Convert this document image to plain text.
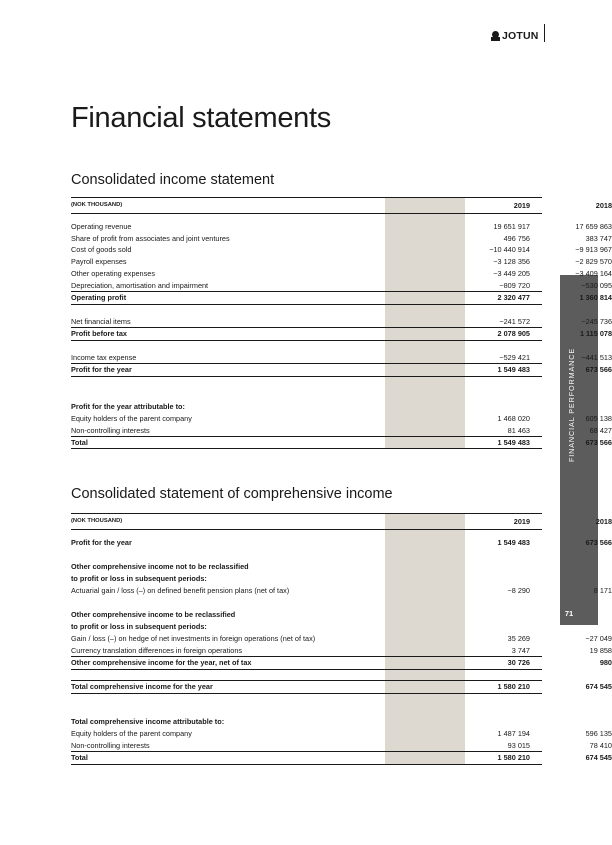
JOTUN
FINANCIAL PERFORMANCE
71
Financial statements
Consolidated income statement
(NOK THOUSAND)	2019	2018
Operating revenue	19 651 917	17 659 863
Share of profit from associates and joint ventures	496 756	383 747
Cost of goods sold	−10 440 914	−9 913 967
Payroll expenses	−3 128 356	−2 829 570
Other operating expenses	−3 449 205	−3 409 164
Depreciation, amortisation and impairment	−809 720	−530 095
Operating profit	2 320 477	1 360 814
Net financial items	−241 572	−245 736
Profit before tax	2 078 905	1 115 078
Income tax expense	−529 421	−441 513
Profit for the year	1 549 483	673 566
Profit for the year attributable to:
Equity holders of the parent company	1 468 020	605 138
Non-controlling interests	81 463	68 427
Total	1 549 483	673 566
Consolidated statement of comprehensive income
(NOK THOUSAND)	2019	2018
Profit for the year	1 549 483	673 566
Other comprehensive income not to be reclassified
to profit or loss in subsequent periods:
Actuarial gain / loss (–) on defined benefit pension plans (net of tax)	−8 290	8 171
Other comprehensive income to be reclassified
to profit or loss in subsequent periods:
Gain / loss (–) on hedge of net investments in foreign operations (net of tax)	35 269	−27 049
Currency translation differences in foreign operations	3 747	19 858
Other comprehensive income for the year, net of tax	30 726	980
Total comprehensive income for the year	1 580 210	674 545
Total comprehensive income attributable to:
Equity holders of the parent company	1 487 194	596 135
Non-controlling interests	93 015	78 410
Total	1 580 210	674 545
